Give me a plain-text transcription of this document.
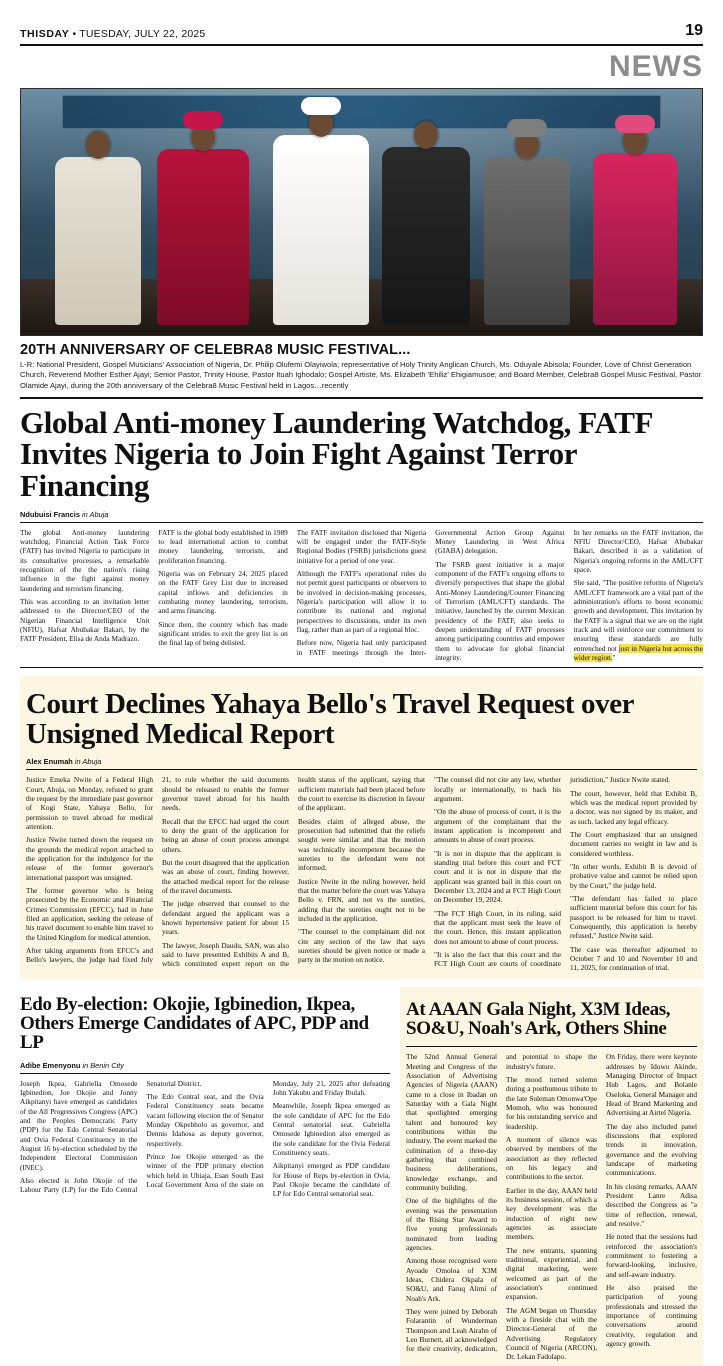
THISDAY • TUESDAY, JULY 22, 2025	19
NEWS
20TH ANNIVERSARY OF CELEBRA8 MUSIC FESTIVAL...
L-R: National President, Gospel Musicians' Association of Nigeria, Dr. Philip Olufemi Olayiwola; representative of Holy Trinity Anglican Church, Ms. Oduyale Abisola; Founder, Love of Christ Generation Church, Reverend Mother Esther Ajayi; Senior Pastor, Trinity House, Pastor Ituah Ighodalo; Gospel Artiste, Ms. Elizabeth 'Ehiliz' Ehigiamusoe; and Board Member, Celebra8 Gospel Music Festival, Pastor Olamide Ajayi, during the 20th anniversary of the Celebra8 Music Festival held in Lagos…recently
Global Anti-money Laundering Watchdog, FATF Invites Nigeria to Join Fight Against Terror Financing
Ndubuisi Francis in Abuja

The global Anti-money laundering watchdog, Financial Action Task Force (FATF) has invited Nigeria to participate in its consultative processes, a remarkable recognition of the the nation's rising influence in the fight against money laundering and terrorism financing.

This was according to an invitation letter addressed to the Director/CEO of the Nigerian Financial Intelligence Unit (NFIU), Hafsat Abubakar Bakari, by the FATF President, Elisa de Anda Madrazo.

FATF is the global body established in 1989 to lead international action to combat money laundering, terrorism, and proliferation financing.

Nigeria was on February 24, 2025 placed on the FATF Grey List due to increased capital inflows and deficiencies in combating money laundering, terrorism, and arms financing.

Since then, the country which has made significant strides to exit the grey list is on the final lap of being delisted.

The FATF invitation disclosed that Nigeria will be engaged under the FATF-Style Regional Bodies (FSRB) jurisdictions guest initiative for a period of one year.

Although the FATF's operational rules do not permit guest participants or observers to be involved in decision-making processes, Nigeria's participation will allow it to contribute its national and regional perspectives to discussions, under its own flag, rather than as part of a regional bloc.

Before now, Nigeria had only participated in FATF meetings through the Inter-Governmental Action Group Against Money Laundering in West Africa (GIABA) delegation.

The FSRB guest initiative is a major component of the FATF's ongoing efforts to diversify perspectives that shape the global Anti-Money Laundering/Counter Financing of Terrorism (AML/CFT) standards. The initiative, launched by the current Mexican presidency of the FATF, also seeks to deepen understanding of FATF processes among participating countries and empower them to advocate for global financial integrity.

In her remarks on the FATF invitation, the NFIU Director/CEO, Hafsat Abubakar Bakari, described it as a validation of Nigeria's ongoing reforms in the AML/CFT space.

She said, "The positive reforms of Nigeria's AML/CFT framework are a vital part of the administration's efforts to boost economic growth and development. This invitation by the FATF is a signal that we are on the right track and will reinforce our commitment to ensuring these standards are fully entrenched not just in Nigeria but across the wider region."

Court Declines Yahaya Bello's Travel Request over Unsigned Medical Report
Alex Enumah in Abuja

Justice Emeka Nwite of a Federal High Court, Abuja, on Monday, refused to grant the request by the immediate past governor of Kogi State, Yahaya Bello, for permission to travel abroad for medical attention.

Justice Nwite turned down the request on the grounds the medical report attached to the application for the indulgence for the release of the former governor's international passport was unsigned.

The former governor who is being prosecuted by the Economic and Financial Crimes Commission (EFCC), had in June filed an application, seeking the release of his travel document to enable him travel to the United Kingdom for medical attention.

After taking arguments from EFCC's and Bello's lawyers, the judge had fixed July 21, to rule whether the said documents should be released to enable the former governor travel abroad for his health needs.

Recall that the EFCC had urged the court to deny the grant of the application for being an abuse of court process amongst others.

But the court disagreed that the application was an abuse of court, finding however, the attached medical report for the release of the travel documents.

The judge observed that counsel to the defendant argued the applicant was a known hypertensive patient for about 15 years.

The lawyer, Joseph Daudu, SAN, was also said to have presented Exhibits A and B, which constituted expert report on the health status of the applicant, saying that sufficient materials had been placed before the court to exercise its discretion in favour of the applicant.

Besides claim of alleged abuse, the prosecution had submitted that the reliefs sought were similar and that the motion was technically incompetent because the sureties to the defendant were not informed.

Justice Nwite in the ruling however, held that the matter before the court was Yahaya Bello v. FRN, and not vs the sureties, adding that the sureties ought not to be included in the application.

"The counsel to the complainant did not cite any section of the law that says sureties should be given notice or made a party in the motion on notice.

"The counsel did not cite any law, whether locally or internationally, to back his argument.

"On the abuse of process of court, it is the argument of the complainant that the instant application is incompetent and amounts to abuse of court process.

"It is not in dispute that the applicant is standing trial before this court and FCT court and it is not in dispute that the applicant was granted bail in this court on December 13, 2024 and at FCT High Court on December 19, 2024.

"The FCT High Court, in its ruling, said that the applicant must seek the leave of the court. Hence, this instant application does not amount to abuse of court process.

"It is also the fact that this court and the FCT High Court are courts of coordinate jurisdiction," Justice Nwite stated.

The court, however, held that Exhibit B, which was the medical report provided by a doctor, was not signed by its maker, and as such, lacked any legal efficacy.

The Court emphasized that an unsigned document carries no weight in law and is considered worthless.

"In other words, Exhibit B is devoid of probative value and cannot be relied upon by the Court," the judge held.

"The defendant has failed to place sufficient material before this court for his passport to be released for him to travel. Consequently, this application is hereby refused," Justice Nwite said.

The case was thereafter adjourned to October 7 and 10 and November 10 and 11, 2025, for continuation of trial.

Edo By-election: Okojie, Igbinedion, Ikpea, Others Emerge Candidates of APC, PDP and LP
Adibe Emenyonu in Benin City

Joseph Ikpea, Gabriella Omosede Igbinedion, Joe Okojie and Jonny Aikpitanyi have emerged as candidates of the All Progressives Congress (APC) and the Peoples Democratic Party (PDP) for the Edo Central Senatorial and Ovia Federal Constituency in the August 16 by-election scheduled by the Independent Electoral Commission (INEC).

Also elected is John Okojie of the Labour Party (LP) for the Edo Central Senatorial District.

The Edo Central seat, and the Ovia Federal Constituency seats became vacant following election the of Senator Monday Okpebholo as governor, and Dennis Idahosa as deputy governor, respectively.

Prince Joe Okojie emerged as the winner of the PDP primary election which held in Ubiaja, Esan South East Local Government Area of the state on Monday, July 21, 2025 after defeating John Yakubu and Friday Ibulah.

Meanwhile, Joseph Ikpea emerged as the sole candidate of APC for the Edo Central senatorial seat. Gabriella Omosede Igbinedion also emerged as the sole candidate for the Ovia Federal Constituency seats.

Aikpitanyi emerged as PDP candidate for House of Reps by-election in Ovia, Paul Okojie became the candidate of LP for Edo Central senatorial seat.

At AAAN Gala Night, X3M Ideas, SO&U, Noah's Ark, Others Shine

The 52nd Annual General Meeting and Congress of the Association of Advertising Agencies of Nigeria (AAAN) came to a close in Ibadan on Saturday with a Gala Night that spotlighted emerging talent and honoured key contributions within the industry. The event marked the culmination of a three-day gathering that combined business deliberations, knowledge exchange, and community building.

One of the highlights of the evening was the presentation of the Rising Star Award to five young professionals nominated from leading agencies.

Among those recognised were Ayoade Omoloa of X3M Ideas, Chidera Okpala of SO&U, and Faruq Alimi of Noah's Ark.

They were joined by Deborah Folarantin of Wunderman Thompson and Leah Airahn of Leo Burnett, all acknowledged for their creativity, dedication, and potential to shape the industry's future.

The mood turned solemn during a posthumous tribute to the late Suleman Omonwa'Ope Momoh, who was honoured for his outstanding service and leadership.

A moment of silence was observed by members of the association as they reflected on his legacy and contributions to the sector.

Earlier in the day, AAAN held its business session, of which a key development was the induction of eight new agencies as associate members.

The new entrants, spanning traditional, experiential, and digital marketing, were welcomed as part of the association's continued expansion.

The AGM began on Thursday with a fireside chat with the Director-General of the Advertising Regulatory Council of Nigeria (ARCON), Dr. Lekan Fadolapo.

On Friday, there were keynote addresses by Idowu Akinde, Managing Director of Impact Hub Lagos, and Bolanle Oseloka, General Manager and Head of Brand Marketing and Advertising at Airtel Nigeria.

The day also included panel discussions that explored trends in innovation, governance and the evolving landscape of marketing communications.

In his closing remarks, AAAN President Lanre Adisa described the Congress as "a time of reflection, renewal, and resolve."

He noted that the sessions had reinforced the association's commitment to fostering a forward-looking, inclusive, and self-aware industry.

He also praised the participation of young professionals and stressed the importance of continuing conversations around creativity, regulation and agency growth.
